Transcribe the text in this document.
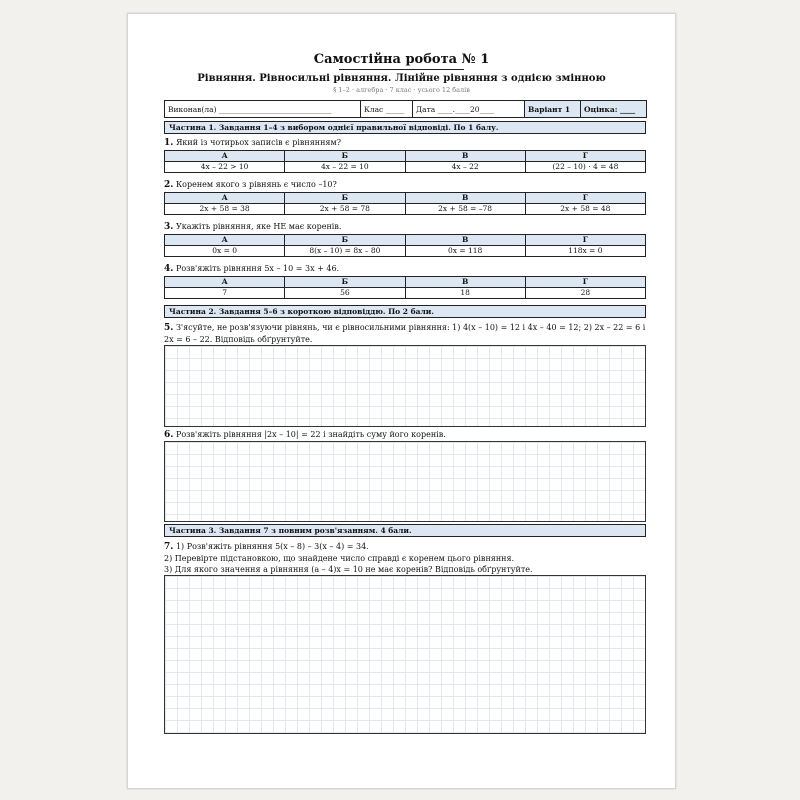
Самостійна робота № 1
Рівняння. Рівносильні рівняння. Лінійне рівняння з однією змінною
§ 1–2 · алгебра · 7 клас · усього 12 балів
Виконав(ла) ______________________________	Клас _____	Дата ____.____20____	Варіант 1	Оцінка: ____
Частина 1. Завдання 1–4 з вибором однієї правильної відповіді. По 1 балу.
1. Який із чотирьох записів є рівнянням?
А	Б	В	Г
4x – 22 > 10	4x – 22 = 10	4x – 22	(22 – 10) · 4 = 48
2. Коренем якого з рівнянь є число –10?
А	Б	В	Г
2x + 58 = 38	2x + 58 = 78	2x + 58 = –78	2x + 58 = 48
3. Укажіть рівняння, яке НЕ має коренів.
А	Б	В	Г
0x = 0	8(x – 10) = 8x – 80	0x = 118	118x = 0
4. Розв'яжіть рівняння 5x – 10 = 3x + 46.
А	Б	В	Г
7	56	18	28
Частина 2. Завдання 5–6 з короткою відповіддю. По 2 бали.
5. З'ясуйте, не розв'язуючи рівнянь, чи є рівносильними рівняння: 1) 4(x – 10) = 12 і 4x – 40 = 12; 2) 2x – 22 = 6 і 2x = 6 – 22. Відповідь обґрунтуйте.
6. Розв'яжіть рівняння |2x – 10| = 22 і знайдіть суму його коренів.
Частина 3. Завдання 7 з повним розв'язанням. 4 бали.
7. 1) Розв'яжіть рівняння 5(x – 8) – 3(x – 4) = 34.
2) Перевірте підстановкою, що знайдене число справді є коренем цього рівняння.
3) Для якого значення a рівняння (a – 4)x = 10 не має коренів? Відповідь обґрунтуйте.
